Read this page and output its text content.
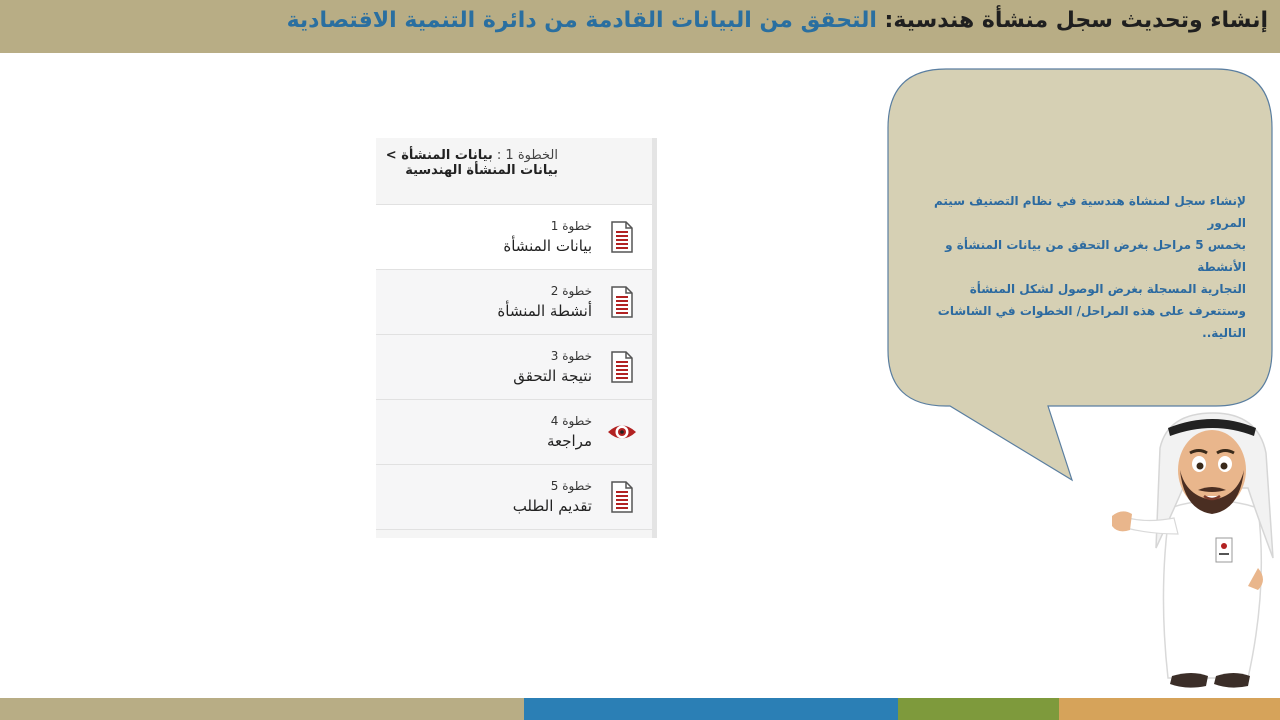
إنشاء وتحديث سجل منشأة هندسية: التحقق من البيانات القادمة من دائرة التنمية الاقتصادية
الخطوة 1 : بيانات المنشأة >
بيانات المنشأة الهندسية
خطوة 1
بيانات المنشأة
خطوة 2
أنشطة المنشأة
خطوة 3
نتيجة التحقق
خطوة 4
مراجعة
خطوة 5
تقديم الطلب
لإنشاء سجل لمنشاة هندسية في نظام التصنيف سيتم المرور
بخمس 5 مراحل بغرض التحقق من بيانات المنشأة و الأنشطة
التجارية المسجلة بغرض الوصول لشكل المنشأة
وستتعرف على هذه المراحل/ الخطوات في الشاشات التالية..
